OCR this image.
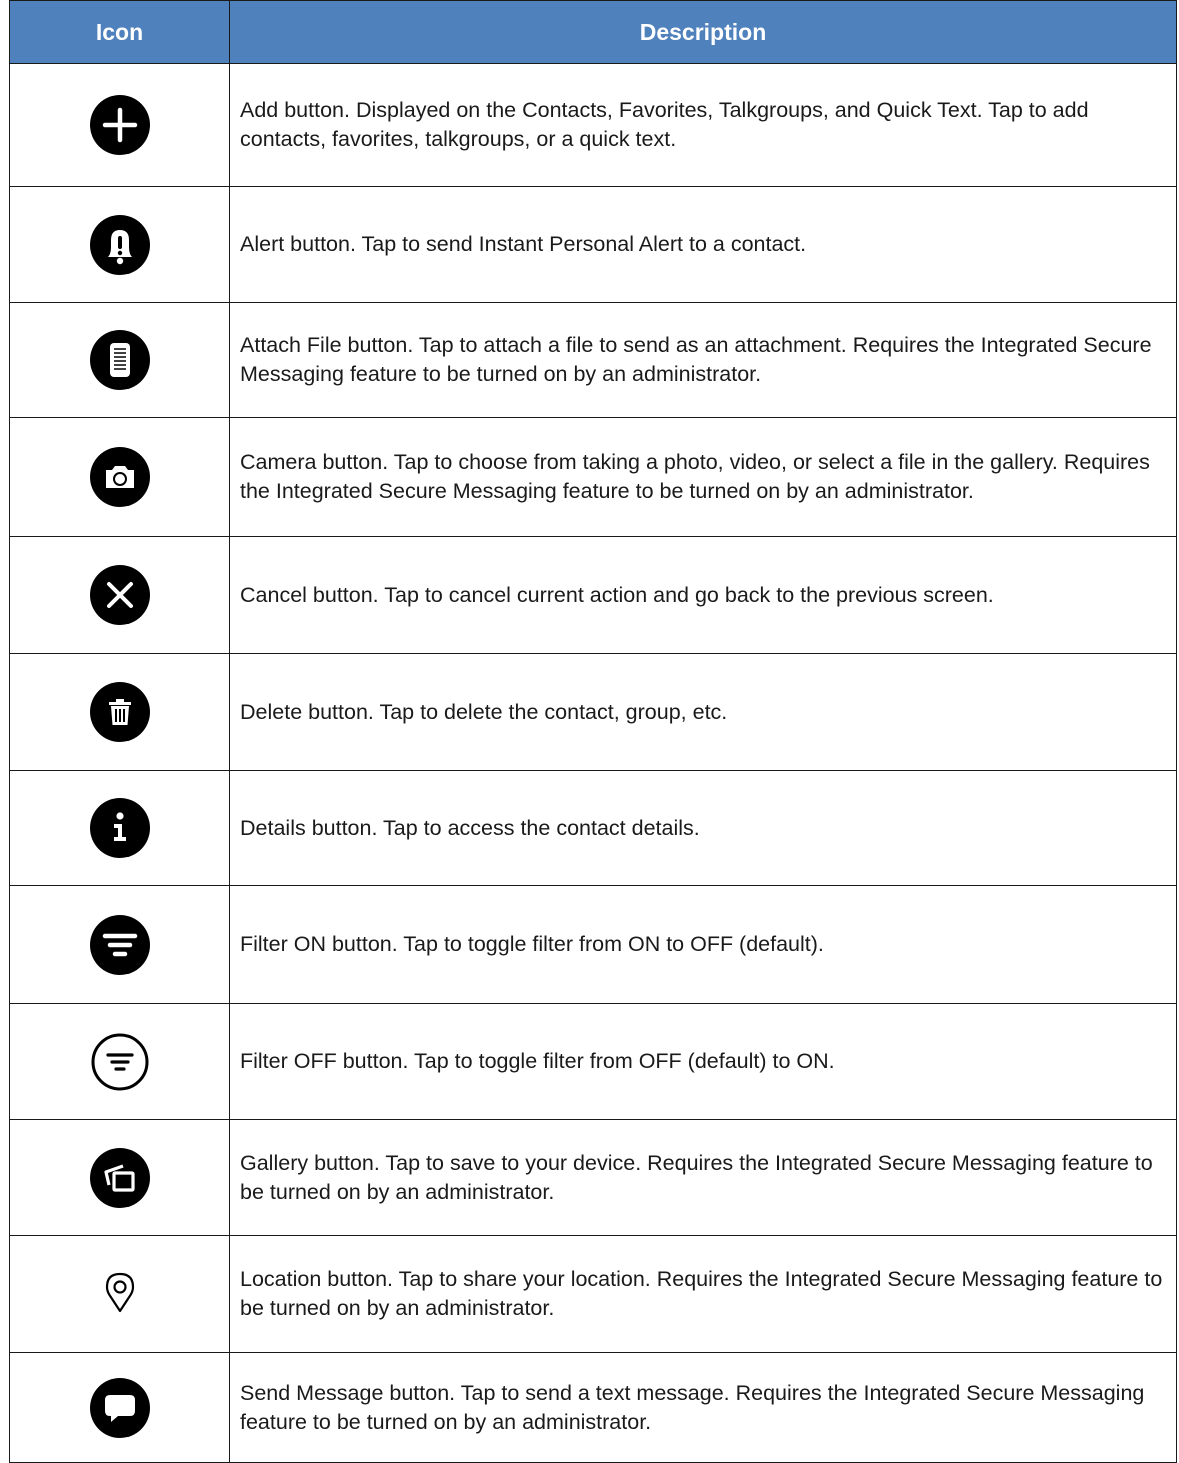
Icon	Description

	Add button. Displayed on the Contacts, Favorites, Talkgroups, and Quick Text. Tap to add contacts, favorites, talkgroups, or a quick text.

	Alert button. Tap to send Instant Personal Alert to a contact.

	Attach File button. Tap to attach a file to send as an attachment. Requires the Integrated Secure Messaging feature to be turned on by an administrator.

	Camera button. Tap to choose from taking a photo, video, or select a file in the gallery. Requires the Integrated Secure Messaging feature to be turned on by an administrator.

	Cancel button. Tap to cancel current action and go back to the previous screen.

	Delete button. Tap to delete the contact, group, etc.

	Details button. Tap to access the contact details.

	Filter ON button. Tap to toggle filter from ON to OFF (default).

	Filter OFF button. Tap to toggle filter from OFF (default) to ON.

	Gallery button. Tap to save to your device. Requires the Integrated Secure Messaging feature to be turned on by an administrator.

	Location button. Tap to share your location. Requires the Integrated Secure Messaging feature to be turned on by an administrator.

	Send Message button. Tap to send a text message. Requires the Integrated Secure Messaging feature to be turned on by an administrator.
